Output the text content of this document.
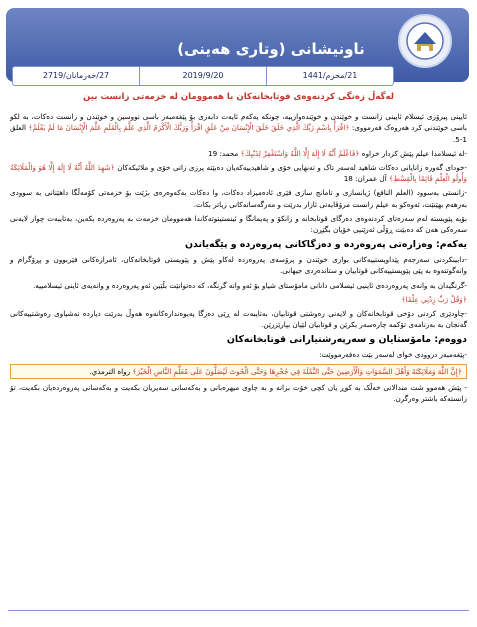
ناونیشانی (وتاری هەینی)
21/محرم/1441
2019/9/20
27/خەرمانان/2719
لەگەڵ زەنگی کردنەوەی قوتابخانەکان با هەموومان لە خزمەتی زانست بین
ئایینی پیرۆزی ئیسلام ئایینی زانست و خوێندن و خوێندەوارییە، چونکە یەکەم ئایەت دابەزی بۆ پێغەمبەر باسی نووسین و خوێندن و زانست دەکات، بە لکو باسی خوێندنی کرد هەروەک فەرمووی: ﴿اقْرَأْ بِاسْمِ رَبِّكَ الَّذِي خَلَقَ خَلَقَ الْإِنْسَانَ مِنْ عَلَقٍ اقْرَأْ وَرَبُّكَ الْأَكْرَمُ الَّذِي عَلَّمَ بِالْقَلَمِ عَلَّمَ الْإِنْسَانَ مَا لَمْ يَعْلَمْ﴾ العلق 1-5.
-لە ئیسلامدا عیلم پێش کردار خراوە ﴿فَاعْلَمْ أَنَّهُ لَا إِلَهَ إِلَّا اللَّهُ وَاسْتَغْفِرْ لِذَنْبِكَ﴾ محمد: 19
-خودای گەورە زانایانی دەکات شاهید لەسەر تاک و تەنهایی خۆی و شاهیدییەکەیان دەبێتە پرزی زاتی خۆی و ملائیکەکان ﴿شَهِدَ اللَّهُ أَنَّهُ لَا إِلَهَ إِلَّا هُوَ وَالْمَلَائِكَةُ وَأُولُو الْعِلْمِ قَائِمًا بِالْقِسْطِ﴾ آل عمران: 18
-زانستی بەسوود (العلم النافع) ژیانسازی و تامانج سازی فێری ئادەمیزاد دەکات، وا دەکات بەکەوەرەی بژێت بۆ خزمەتی کۆمەڵگا داهێنانی بە سوودی بەرهەم بهێنێت، ئەوەکو بە عیلم زانست مرۆڤایەتی ئازار بدرێت و مەرگەساتەکانی زیاتر بکات.
بۆیە پێویستە لەم سەرەتای کردنەوەی دەرگای قوتابخانە و زانکۆ و پەیمانگا و ئینستیتوتەکاندا هەموومان خزمەت بە پەروەردە بکەین، بەتایبەت چوار لایەنی سەرەکی هەن کە دەبێت ڕۆڵی ئەرێنیی خۆیان بگێڕن:
یەکەم: وەزارەتی پەروەردە و دەزگاکانی پەروەردە و پێگەیاندن
-دابینکردنی سەرجەم پێداویستییەکانی بواری خوێندن و پرۆسەی پەروەردە لەکاو پێش و پێویستی قوتابخانەکان، ئامرازەکانی فێربوون و پڕۆگرام و وانەگوتنەوە بە پێی پێویستییەکانی قوتابیان و ستاندەردی جیهانی.
-گرنگیدان بە وانەی پەروەردەی ئاینیی ئیسلامی دانانی مامۆستای شیاو بۆ ئەو وانە گرنگە، کە دەتوانێت بڵێین ئەو پەروەردە و وانەیەی ئاینی ئیسلامییە.
﴿وَقُلْ رَبِّ زِدْنِي عِلْمًا﴾
-چاودێری کردنی دۆخی قوتابخانەکان و لایەنی رەوشتی قوتابیان، بەتایبەت لە ڕێی دەزگا پەیوەندارەکانەوە هەوڵ بدرێت دیاردە نەشیاوی رەوشتییەکانی گەنجان بە بەرنامەی تۆکمە چارەسەر بکرێن و قوتابیان لێیان بپارێزرێن.
دووەم: مامۆستایان و سەرپەرشتیارانی قوتابخانەکان
-پێغەمبەر دروودی خوای لەسەر بێت دەفەرمووێت:
﴿إِنَّ اللَّهَ وَمَلَائِكَتَهُ وَأَهْلَ السَّمَوَاتِ وَالْأَرَضِينَ حَتَّى النَّمْلَةَ فِي جُحْرِهَا وَحَتَّى الْحُوتَ لَيُصَلُّونَ عَلَى مُعَلِّمِ النَّاسِ الْخَيْرَ﴾ رواه الترمذي.
- پێش هەموو شت مندالانی خەڵک بە کوڕ یان کچی خۆت بزانە و بە چاوی میهرەبانی و بەکەسانی سەیریان بکەیت و بەکەسانی پەروەردەیان بکەیت، تۆ زانستەکە باشتر وەرگرن.
